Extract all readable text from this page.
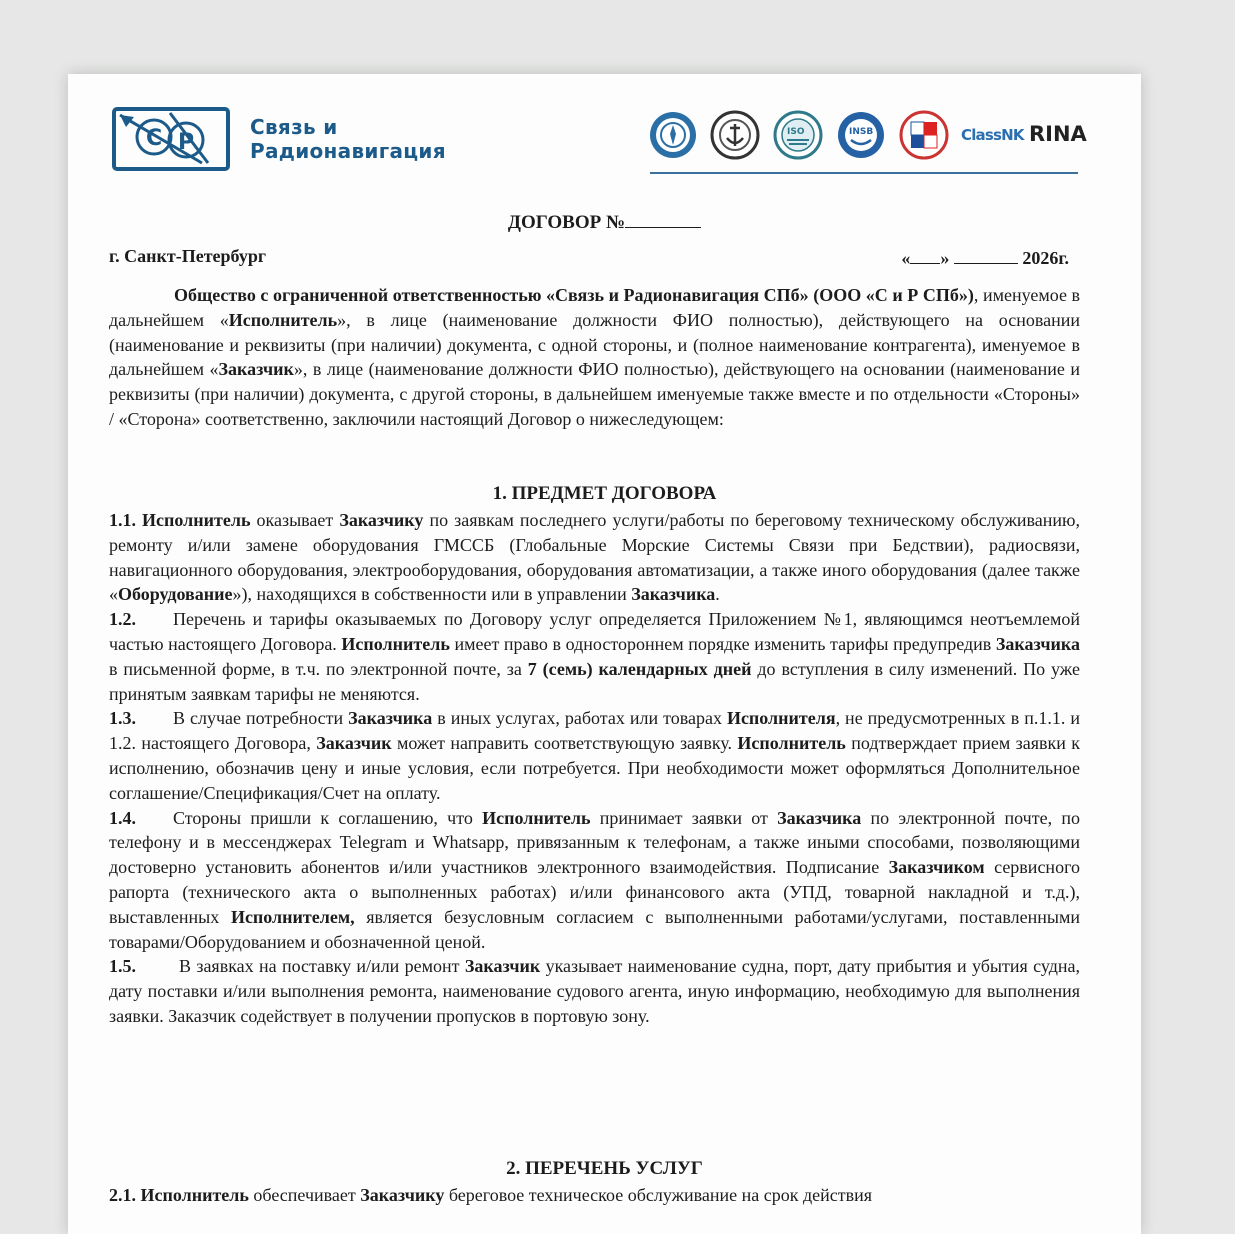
C P
Связь и
Радионавигация
ISO	INSB	ClassNK RINA
ДОГОВОР №
г. Санкт-Петербург	« »	2026г.

Общество с ограниченной ответственностью «Связь и Радионавигация СПб» (ООО «С и Р СПб»), именуемое в дальнейшем «Исполнитель», в лице (наименование должности ФИО полностью), действующего на основании (наименование и реквизиты (при наличии) документа, с одной стороны, и (полное наименование контрагента), именуемое в дальнейшем «Заказчик», в лице (наименование должности ФИО полностью), действующего на основании (наименование и реквизиты (при наличии) документа, с другой стороны, в дальнейшем именуемые также вместе и по отдельности «Стороны» / «Сторона» соответственно, заключили настоящий Договор о нижеследующем:

1. ПРЕДМЕТ ДОГОВОРА

1.1. Исполнитель оказывает Заказчику по заявкам последнего услуги/работы по береговому техническому обслуживанию, ремонту и/или замене оборудования ГМССБ (Глобальные Морские Системы Связи при Бедствии), радиосвязи, навигационного оборудования, электрооборудования, оборудования автоматизации, а также иного оборудования (далее также «Оборудование»), находящихся в собственности или в управлении Заказчика.

1.2. Перечень и тарифы оказываемых по Договору услуг определяется Приложением №1, являющимся неотъемлемой частью настоящего Договора. Исполнитель имеет право в одностороннем порядке изменить тарифы предупредив Заказчика в письменной форме, в т.ч. по электронной почте, за 7 (семь) календарных дней до вступления в силу изменений. По уже принятым заявкам тарифы не меняются.

1.3. В случае потребности Заказчика в иных услугах, работах или товарах Исполнителя, не предусмотренных в п.1.1. и 1.2. настоящего Договора, Заказчик может направить соответствующую заявку. Исполнитель подтверждает прием заявки к исполнению, обозначив цену и иные условия, если потребуется. При необходимости может оформляться Дополнительное соглашение/Спецификация/Счет на оплату.

1.4. Стороны пришли к соглашению, что Исполнитель принимает заявки от Заказчика по электронной почте, по телефону и в мессенджерах Telegram и Whatsapp, привязанным к телефонам, а также иными способами, позволяющими достоверно установить абонентов и/или участников электронного взаимодействия. Подписание Заказчиком сервисного рапорта (технического акта о выполненных работах) и/или финансового акта (УПД, товарной накладной и т.д.), выставленных Исполнителем, является безусловным согласием с выполненными работами/услугами, поставленными товарами/Оборудованием и обозначенной ценой.

1.5. В заявках на поставку и/или ремонт Заказчик указывает наименование судна, порт, дату прибытия и убытия судна, дату поставки и/или выполнения ремонта, наименование судового агента, иную информацию, необходимую для выполнения заявки. Заказчик содействует в получении пропусков в портовую зону.

2. ПЕРЕЧЕНЬ УСЛУГ

2.1. Исполнитель обеспечивает Заказчику береговое техническое обслуживание на срок действия
